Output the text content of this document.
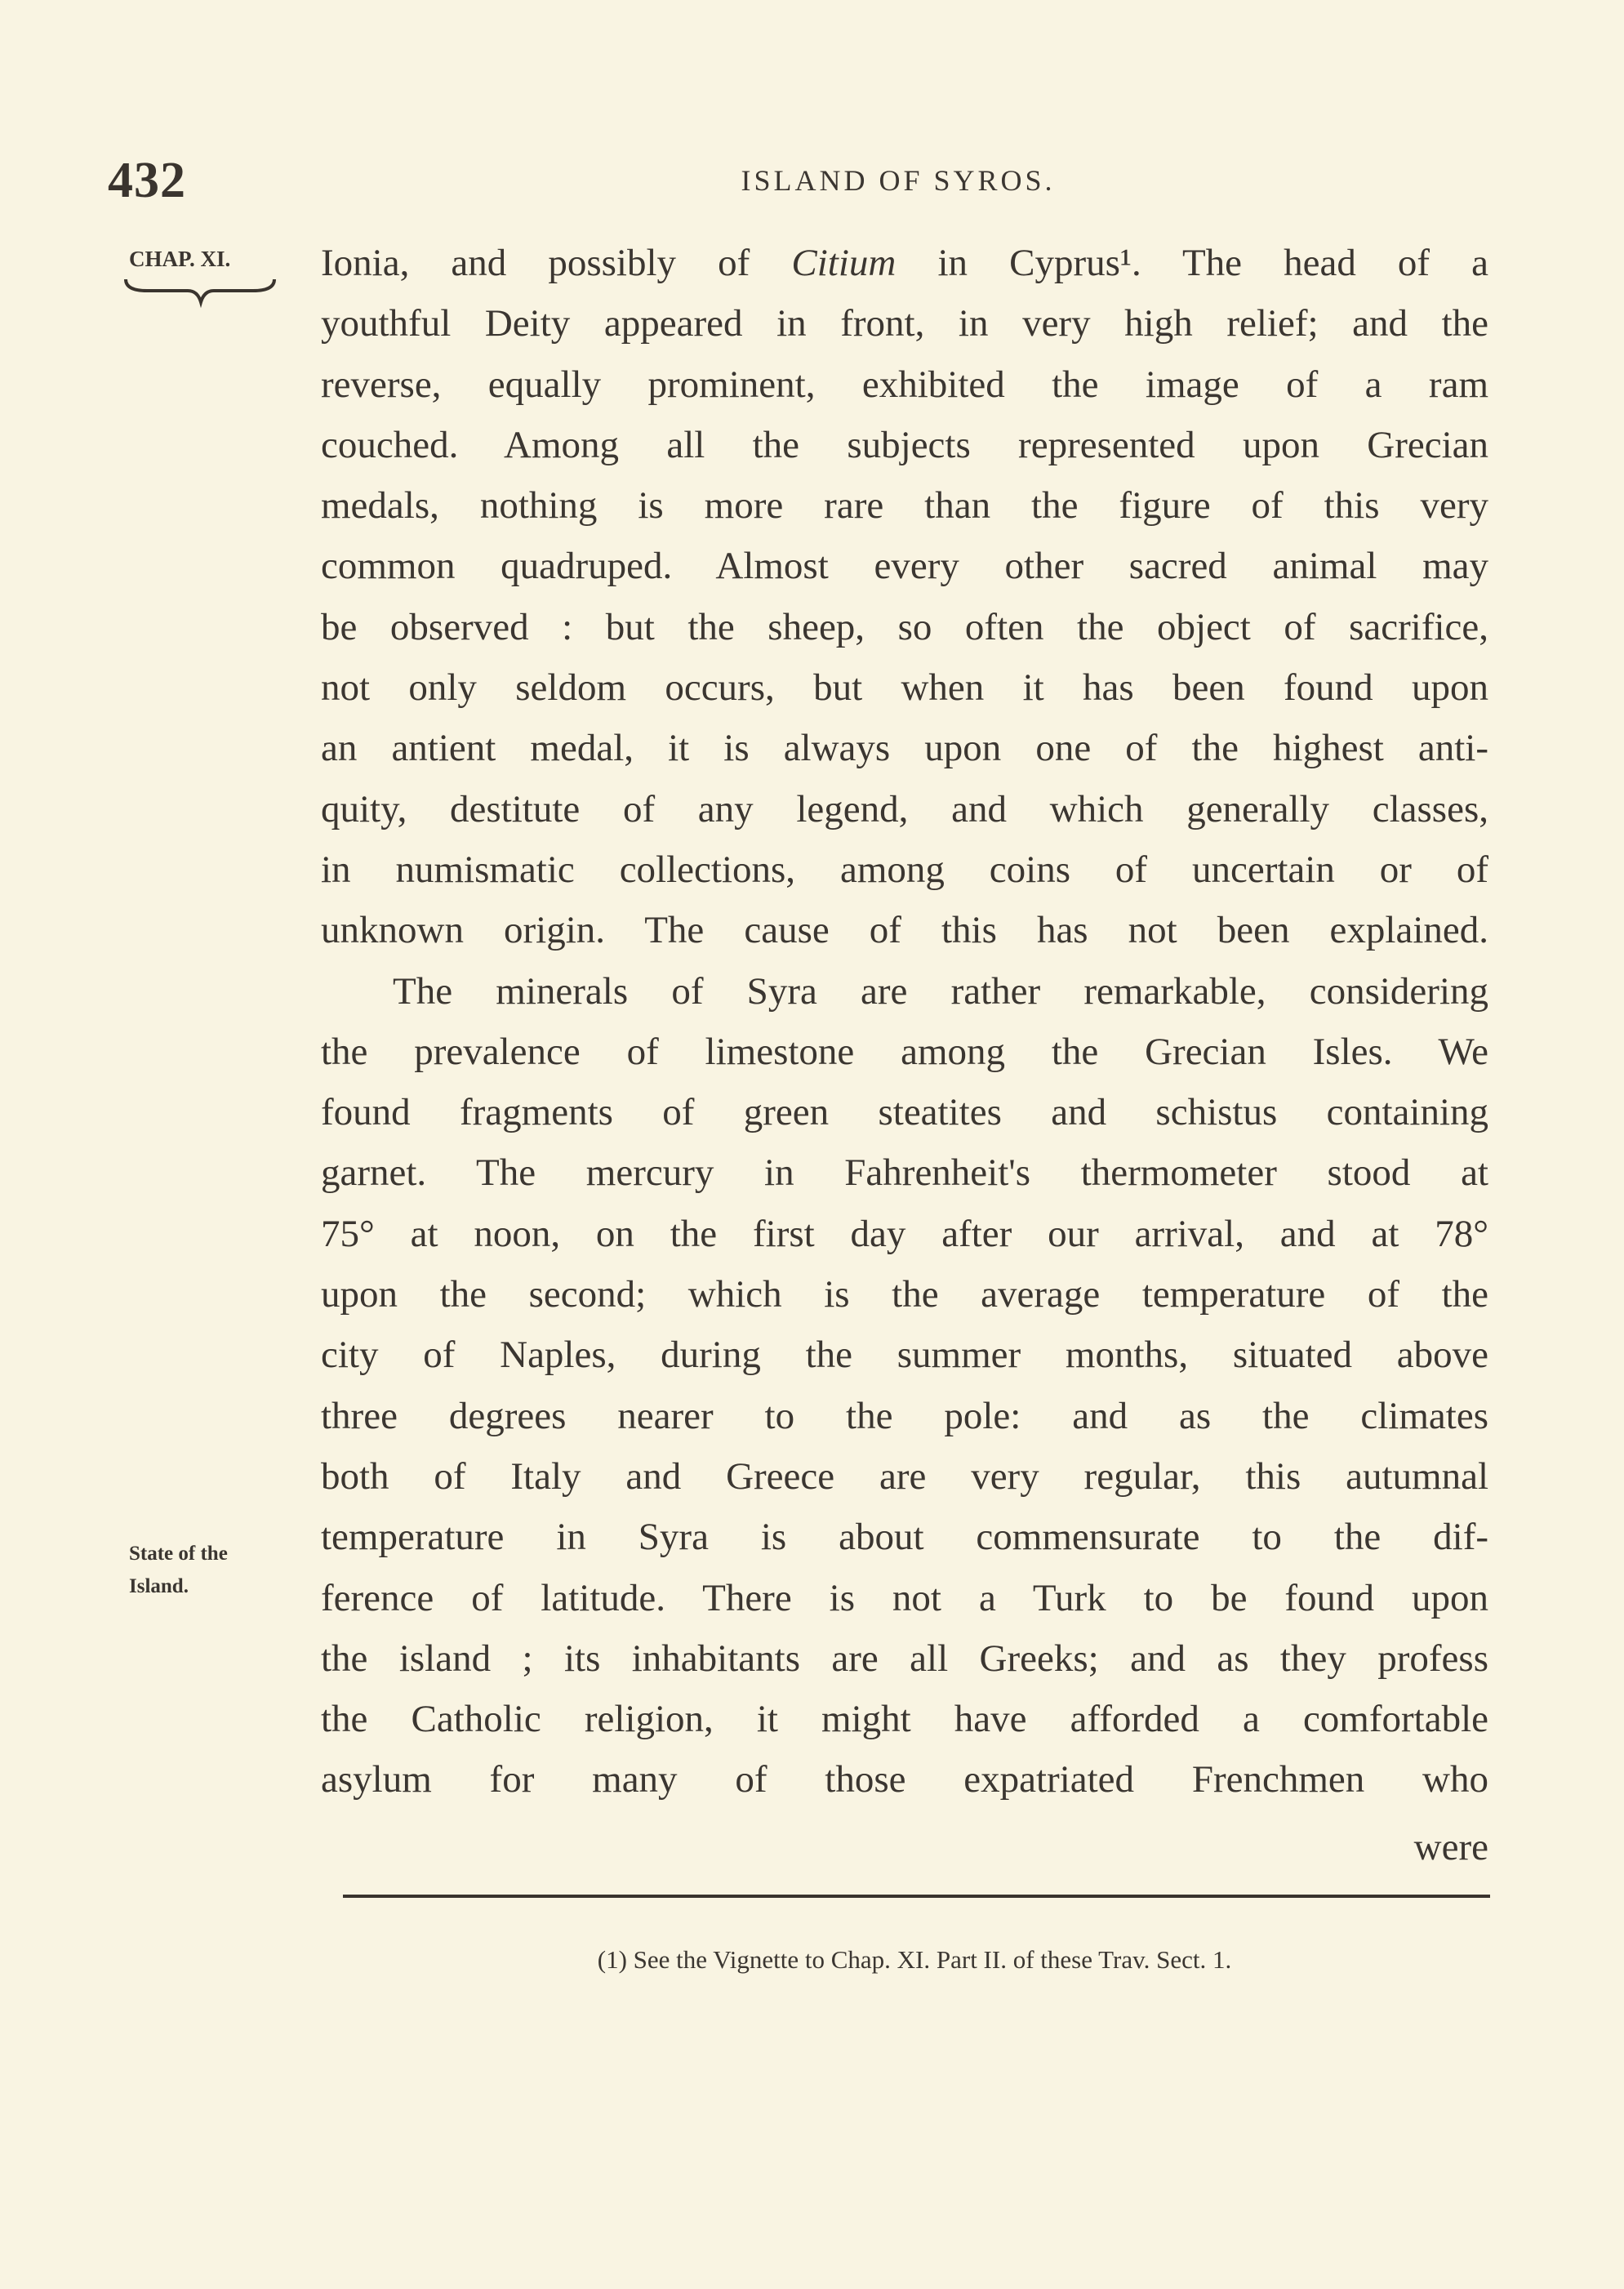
432	ISLAND OF SYROS.
CHAP. XI.
State of the
Island.
Ionia, and possibly of Citium in Cyprus¹. The head of a
youthful Deity appeared in front, in very high relief; and the
reverse, equally prominent, exhibited the image of a ram
couched. Among all the subjects represented upon Grecian
medals, nothing is more rare than the figure of this very
common quadruped. Almost every other sacred animal may
be observed : but the sheep, so often the object of sacrifice,
not only seldom occurs, but when it has been found upon
an antient medal, it is always upon one of the highest anti-
quity, destitute of any legend, and which generally classes,
in numismatic collections, among coins of uncertain or of
unknown origin. The cause of this has not been explained.
The minerals of Syra are rather remarkable, considering
the prevalence of limestone among the Grecian Isles. We
found fragments of green steatites and schistus containing
garnet. The mercury in Fahrenheit's thermometer stood at
75° at noon, on the first day after our arrival, and at 78°
upon the second; which is the average temperature of the
city of Naples, during the summer months, situated above
three degrees nearer to the pole: and as the climates
both of Italy and Greece are very regular, this autumnal
temperature in Syra is about commensurate to the dif-
ference of latitude. There is not a Turk to be found upon
the island ; its inhabitants are all Greeks; and as they profess
the Catholic religion, it might have afforded a comfortable
asylum for many of those expatriated Frenchmen who
were
(1) See the Vignette to Chap. XI. Part II. of these Trav. Sect. 1.
